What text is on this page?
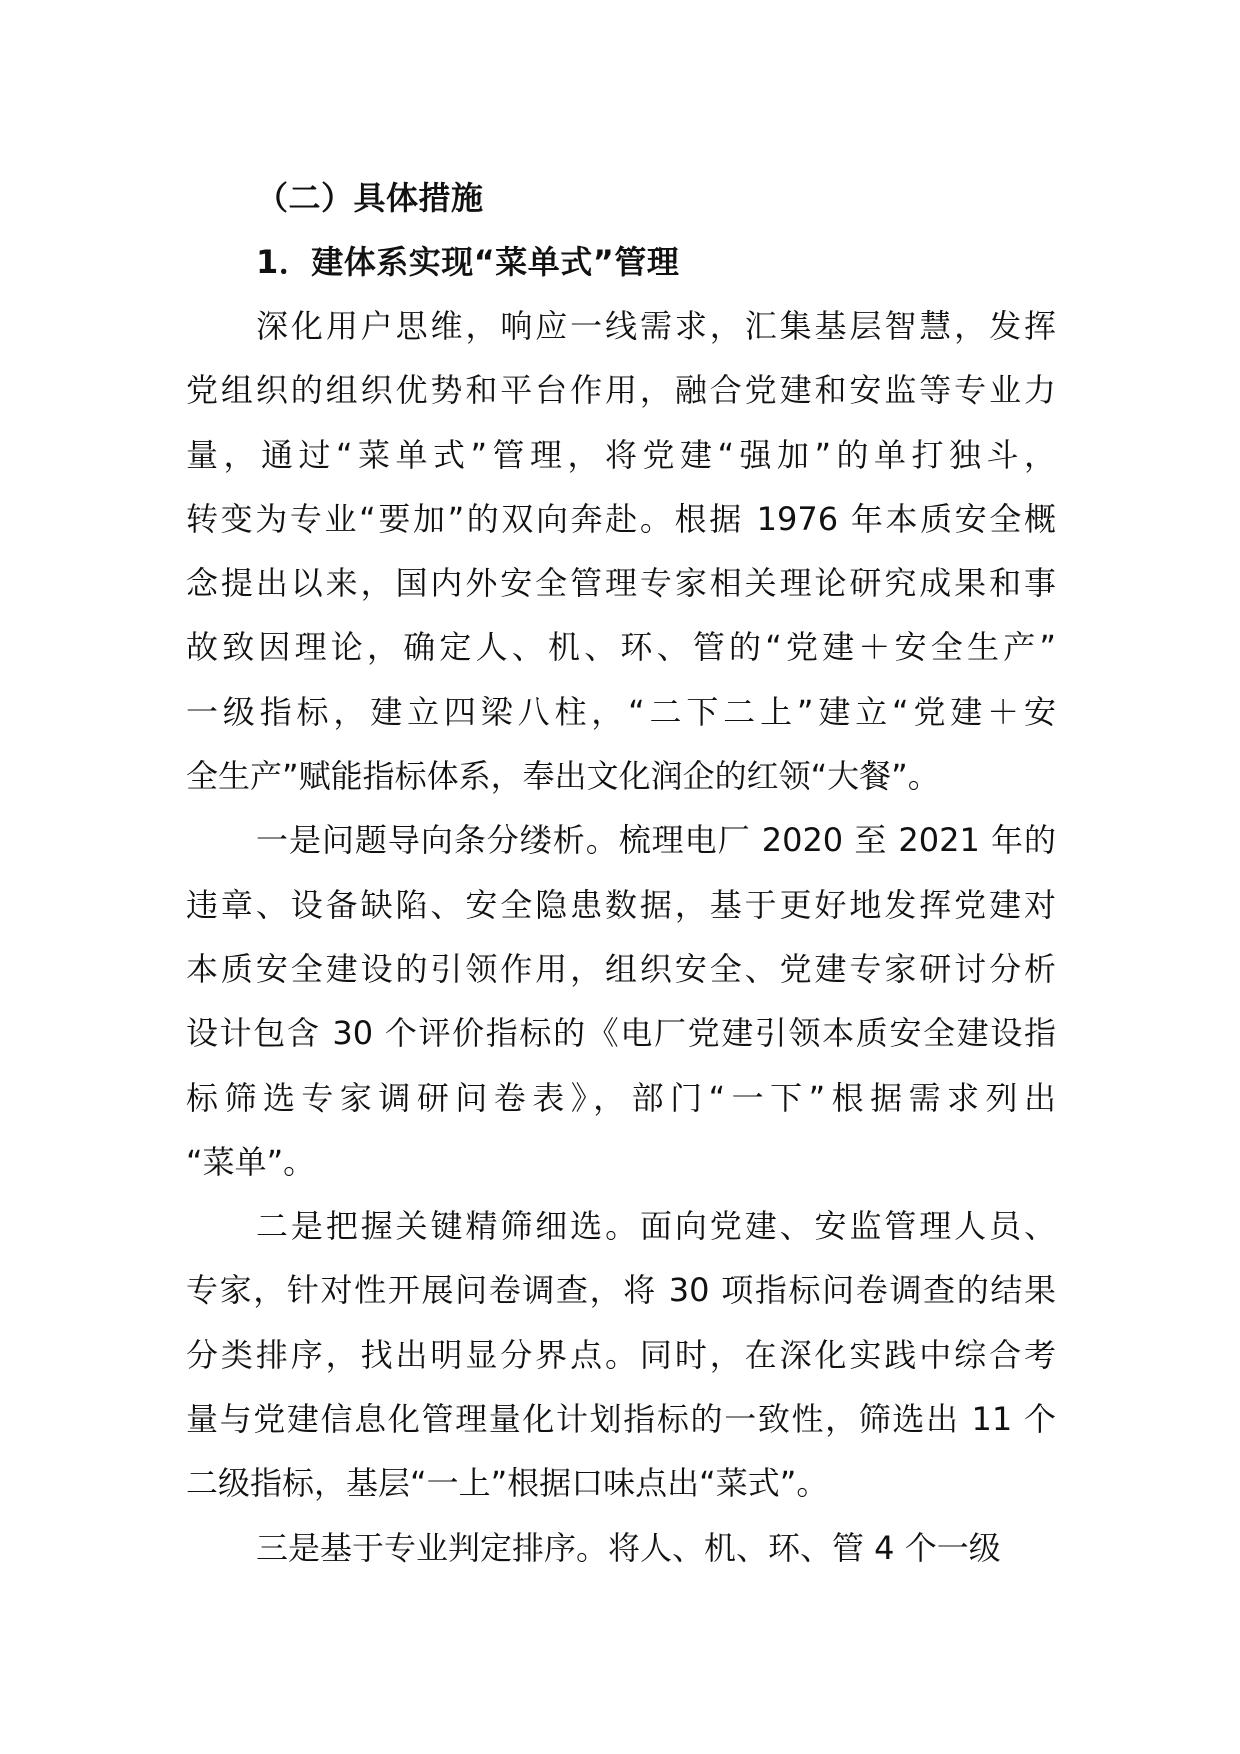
（二）具体措施
1．建体系实现“菜单式”管理

深化用户思维，响应一线需求，汇集基层智慧，发挥
党组织的组织优势和平台作用，融合党建和安监等专业力
量，通过“菜单式”管理，将党建“强加”的单打独斗，
转变为专业“要加”的双向奔赴。根据 1976 年本质安全概
念提出以来，国内外安全管理专家相关理论研究成果和事
故致因理论，确定人、机、环、管的“党建＋安全生产”
一级指标，建立四梁八柱，“二下二上”建立“党建＋安
全生产”赋能指标体系，奉出文化润企的红领“大餐”。

一是问题导向条分缕析。梳理电厂 2020 至 2021 年的
违章、设备缺陷、安全隐患数据，基于更好地发挥党建对
本质安全建设的引领作用，组织安全、党建专家研讨分析
设计包含 30 个评价指标的《电厂党建引领本质安全建设指
标筛选专家调研问卷表》，部门“一下”根据需求列出
“菜单”。

二是把握关键精筛细选。面向党建、安监管理人员、
专家，针对性开展问卷调查，将 30 项指标问卷调查的结果
分类排序，找出明显分界点。同时，在深化实践中综合考
量与党建信息化管理量化计划指标的一致性，筛选出 11 个
二级指标，基层“一上”根据口味点出“菜式”。

三是基于专业判定排序。将人、机、环、管 4 个一级
